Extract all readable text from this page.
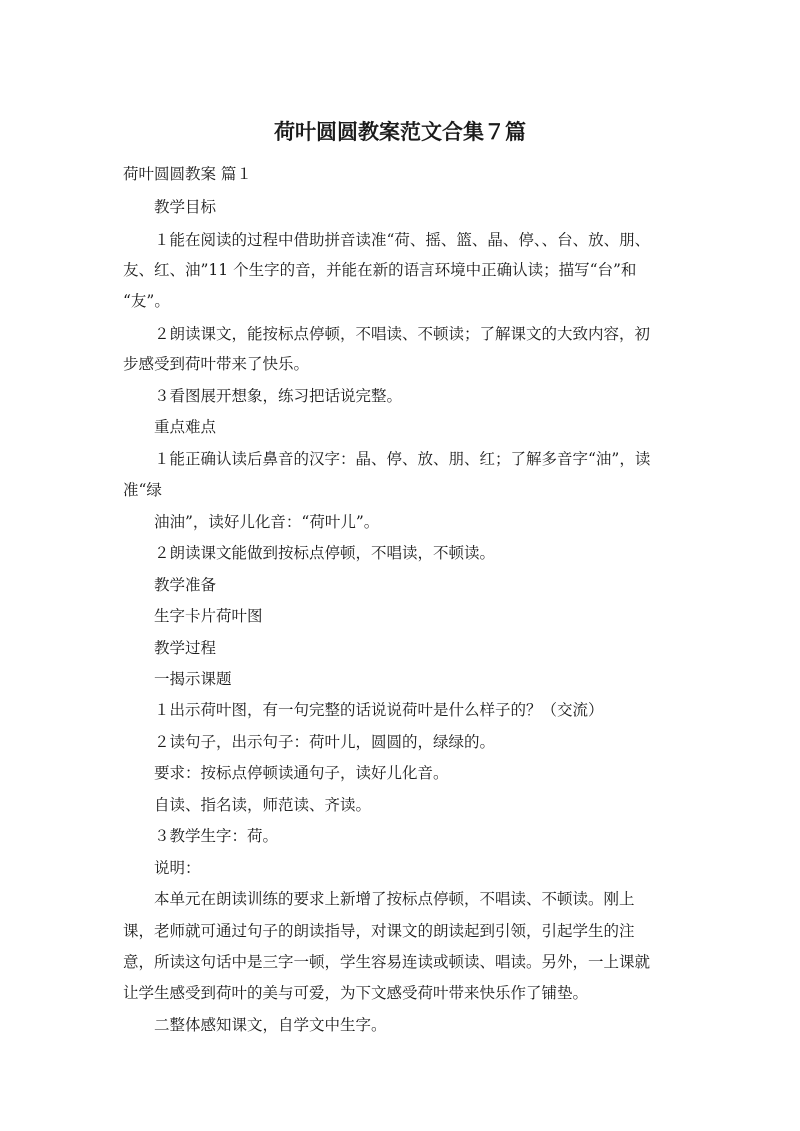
荷叶圆圆教案范文合集７篇

荷叶圆圆教案 篇１

教学目标

１能在阅读的过程中借助拼音读准“荷、摇、篮、晶、停、、台、放、朋、

友、红、油”11 个生字的音，并能在新的语言环境中正确认读；描写“台”和

“友”。

２朗读课文，能按标点停顿，不唱读、不顿读；了解课文的大致内容，初

步感受到荷叶带来了快乐。

３看图展开想象，练习把话说完整。

重点难点

１能正确认读后鼻音的汉字：晶、停、放、朋、红；了解多音字“油”，读

准“绿

油油”，读好儿化音：“荷叶儿”。

２朗读课文能做到按标点停顿，不唱读，不顿读。

教学准备

生字卡片荷叶图

教学过程

一揭示课题

１出示荷叶图，有一句完整的话说说荷叶是什么样子的？（交流）

２读句子，出示句子：荷叶儿，圆圆的，绿绿的。

要求：按标点停顿读通句子，读好儿化音。

自读、指名读，师范读、齐读。

３教学生字：荷。

说明：

本单元在朗读训练的要求上新增了按标点停顿，不唱读、不顿读。刚上

课，老师就可通过句子的朗读指导，对课文的朗读起到引领，引起学生的注

意，所读这句话中是三字一顿，学生容易连读或顿读、唱读。另外，一上课就

让学生感受到荷叶的美与可爱，为下文感受荷叶带来快乐作了铺垫。

二整体感知课文，自学文中生字。
